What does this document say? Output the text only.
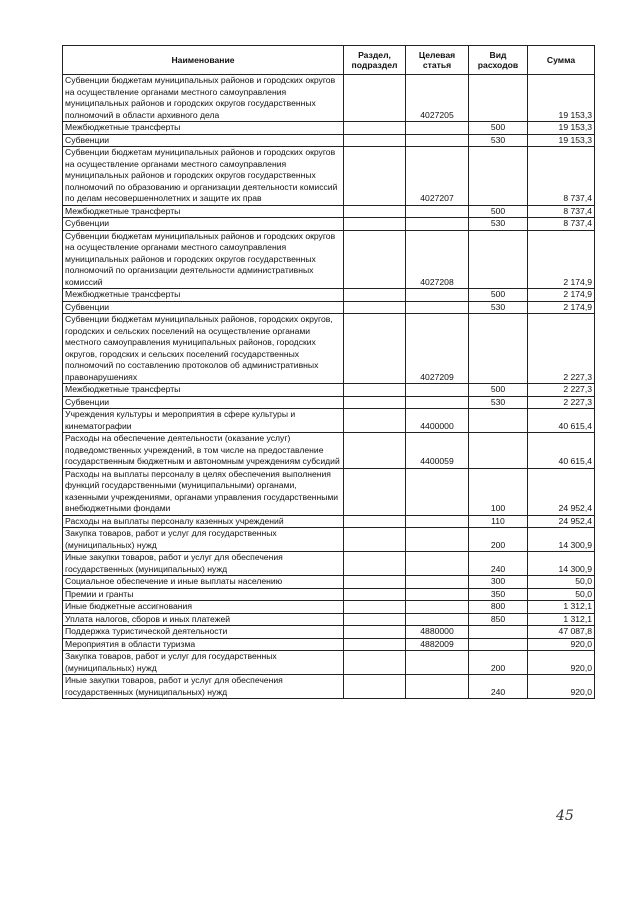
Наименование	Раздел, подраздел	Целевая статья	Вид расходов	Сумма
Субвенции бюджетам муниципальных районов и городских округов на осуществление органами местного самоуправления муниципальных районов и городских округов государственных полномочий в области архивного дела		4027205		19 153,3
Межбюджетные трансферты			500	19 153,3
Субвенции			530	19 153,3
Субвенции бюджетам муниципальных районов и городских округов на осуществление органами местного самоуправления муниципальных районов и городских округов государственных полномочий по образованию и организации деятельности комиссий по делам несовершеннолетних и защите их прав		4027207		8 737,4
Межбюджетные трансферты			500	8 737,4
Субвенции			530	8 737,4
Субвенции бюджетам муниципальных районов и городских округов на осуществление органами местного самоуправления муниципальных районов и городских округов государственных полномочий по организации деятельности административных комиссий		4027208		2 174,9
Межбюджетные трансферты			500	2 174,9
Субвенции			530	2 174,9
Субвенции бюджетам муниципальных районов, городских округов, городских и сельских поселений на осуществление органами местного самоуправления муниципальных районов, городских округов, городских и сельских поселений государственных полномочий по составлению протоколов об административных правонарушениях		4027209		2 227,3
Межбюджетные трансферты			500	2 227,3
Субвенции			530	2 227,3
Учреждения культуры и мероприятия в сфере культуры и кинематографии		4400000		40 615,4
Расходы на обеспечение деятельности (оказание услуг) подведомственных учреждений, в том числе на предоставление государственным бюджетным и автономным учреждениям субсидий		4400059		40 615,4
Расходы на выплаты персоналу в целях обеспечения выполнения функций государственными (муниципальными) органами, казенными учреждениями, органами управления государственными внебюджетными фондами			100	24 952,4
Расходы на выплаты персоналу казенных учреждений			110	24 952,4
Закупка товаров, работ и услуг для государственных (муниципальных) нужд			200	14 300,9
Иные закупки товаров, работ и услуг для обеспечения государственных (муниципальных) нужд			240	14 300,9
Социальное обеспечение и иные выплаты населению			300	50,0
Премии и гранты			350	50,0
Иные бюджетные ассигнования			800	1 312,1
Уплата налогов, сборов и иных платежей			850	1 312,1
Поддержка туристической деятельности		4880000		47 087,8
Мероприятия в области туризма		4882009		920,0
Закупка товаров, работ и услуг для государственных (муниципальных) нужд			200	920,0
Иные закупки товаров, работ и услуг для обеспечения государственных (муниципальных) нужд			240	920,0
45
